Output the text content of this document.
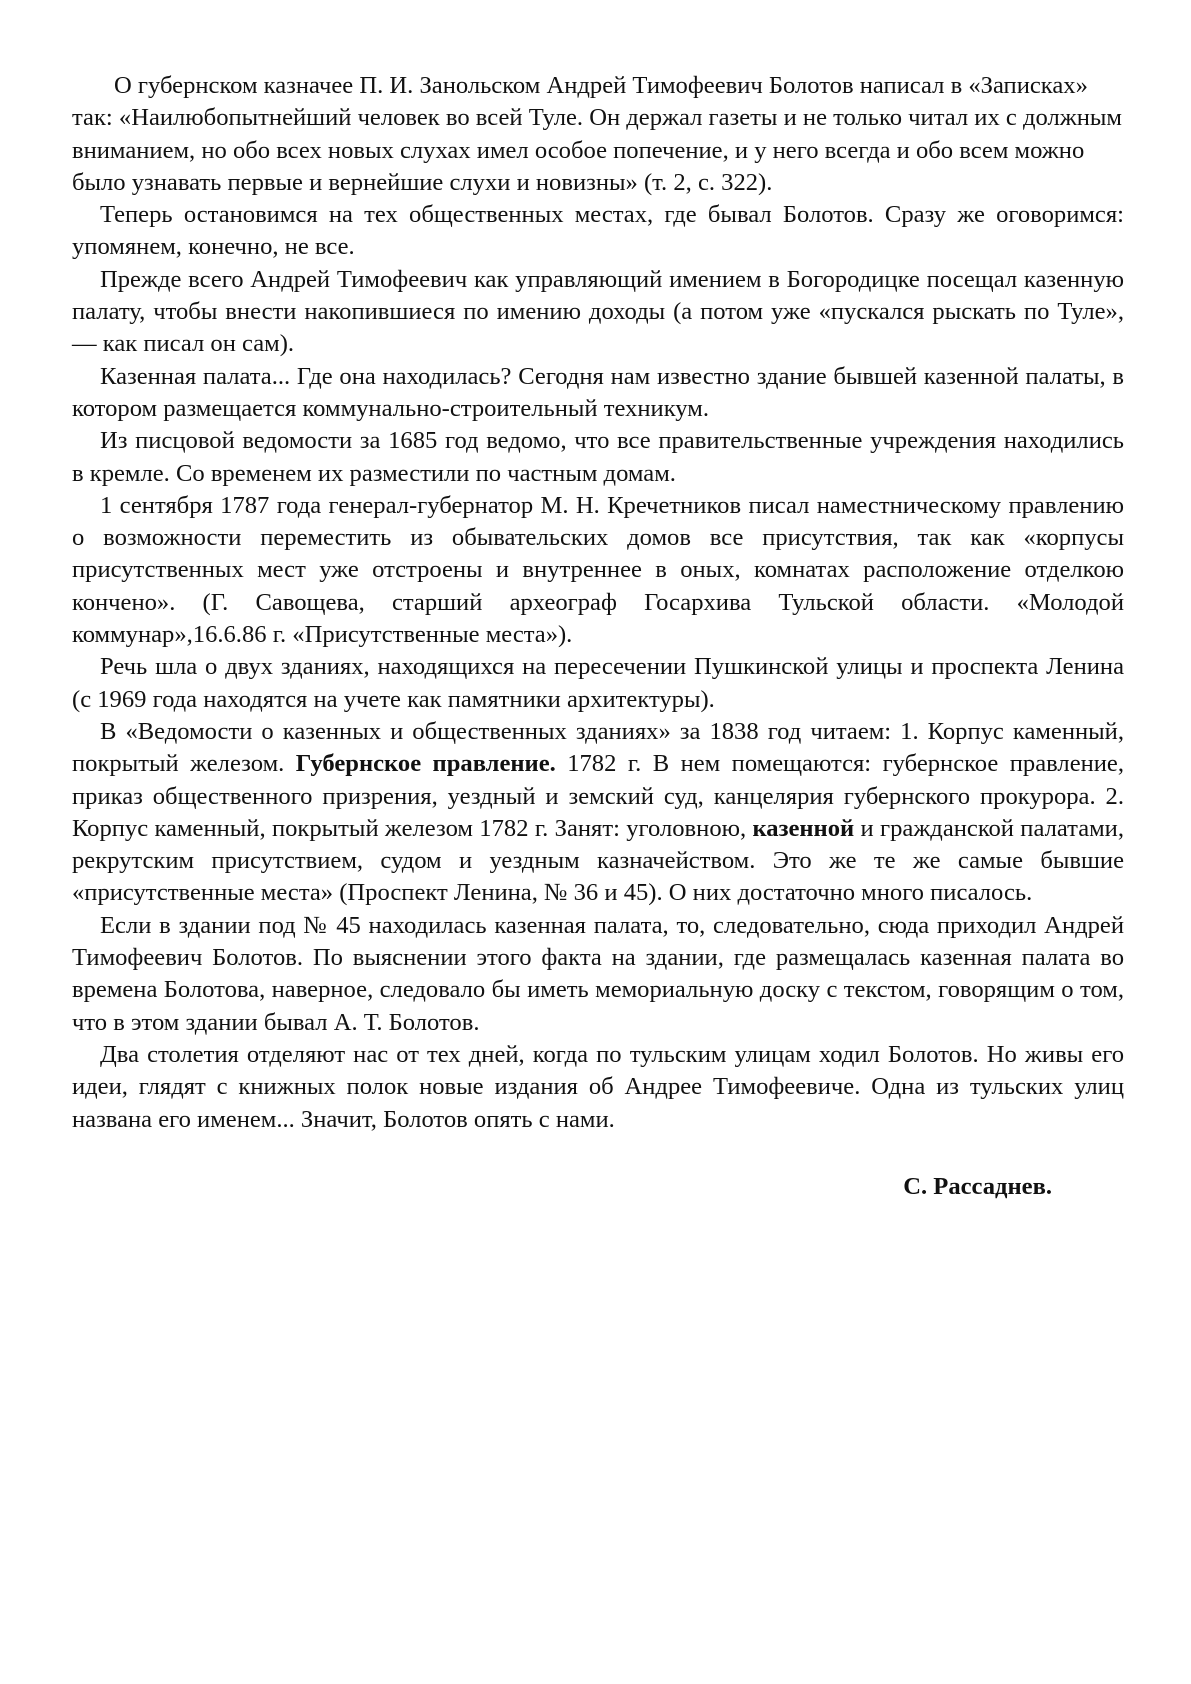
О губернском казначее П. И. Занольском Андрей Тимофеевич Болотов написал в «Записках» так: «Наилюбопытнейший человек во всей Туле. Он держал газеты и не только читал их с должным вниманием, но обо всех новых слухах имел особое попечение, и у него всегда и обо всем можно было узнавать первые и вернейшие слухи и новизны» (т. 2, с. 322).

Теперь остановимся на тех общественных местах, где бывал Болотов. Сразу же оговоримся: упомянем, конечно, не все.

Прежде всего Андрей Тимофеевич как управляющий имением в Богородицке посещал казенную палату, чтобы внести накопившиеся по имению доходы (а потом уже «пускался рыскать по Туле», — как писал он сам).

Казенная палата... Где она находилась? Сегодня нам известно здание бывшей казенной палаты, в котором размещается коммунально-строительный техникум.

Из писцовой ведомости за 1685 год ведомо, что все правительственные учреждения находились в кремле. Со временем их разместили по частным домам.

1 сентября 1787 года генерал-губернатор М. Н. Кречетников писал наместническому правлению о возможности переместить из обывательских домов все присутствия, так как «корпусы присутственных мест уже отстроены и внутреннее в оных, комнатах расположение отделкою кончено». (Г. Савощева, старший археограф Госархива Тульской области. «Молодой коммунар»,16.6.86 г. «Присутственные места»).

Речь шла о двух зданиях, находящихся на пересечении Пушкинской улицы и проспекта Ленина (с 1969 года находятся на учете как памятники архитектуры).

В «Ведомости о казенных и общественных зданиях» за 1838 год читаем: 1. Корпус каменный, покрытый железом. Губернское правление. 1782 г. В нем помещаются: губернское правление, приказ общественного призрения, уездный и земский суд, канцелярия губернского прокурора. 2. Корпус каменный, покрытый железом 1782 г. Занят: уголовною, казенной и гражданской палатами, рекрутским присутствием, судом и уездным казначейством. Это же те же самые бывшие «присутственные места» (Проспект Ленина, № 36 и 45). О них достаточно много писалось.

Если в здании под № 45 находилась казенная палата, то, следовательно, сюда приходил Андрей Тимофеевич Болотов. По выяснении этого факта на здании, где размещалась казенная палата во времена Болотова, наверное, следовало бы иметь мемориальную доску с текстом, говорящим о том, что в этом здании бывал А. Т. Болотов.

Два столетия отделяют нас от тех дней, когда по тульским улицам ходил Болотов. Но живы его идеи, глядят с книжных полок новые издания об Андрее Тимофеевиче. Одна из тульских улиц названа его именем... Значит, Болотов опять с нами.

С. Рассаднев.
